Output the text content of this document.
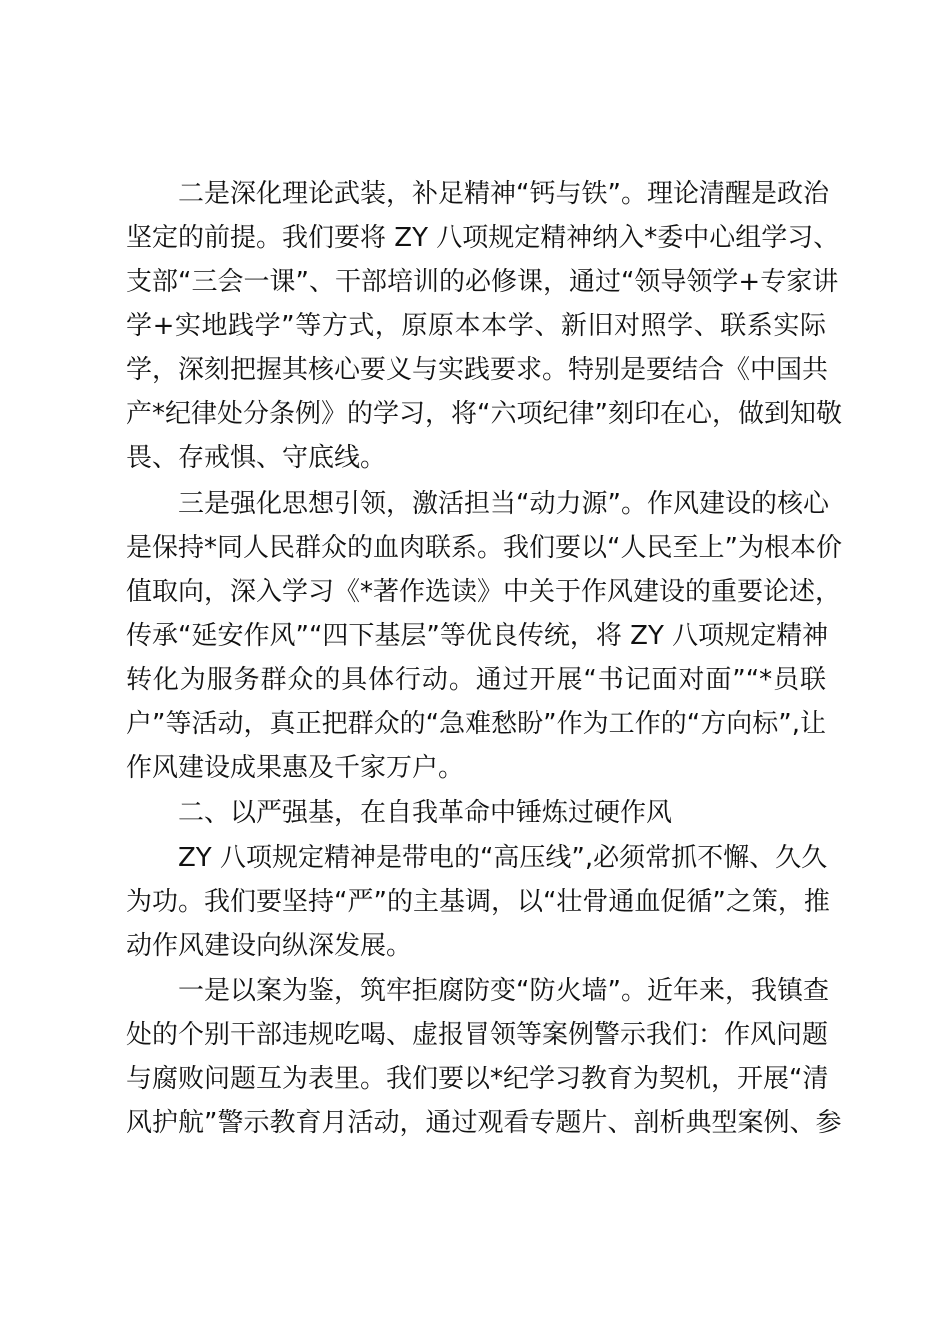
二是深化理论武装，补足精神“钙与铁”。理论清醒是政治
坚定的前提。我们要将 ZY 八项规定精神纳入*委中心组学习、
支部“三会一课”、干部培训的必修课，通过“领导领学+专家讲
学+实地践学”等方式，原原本本学、新旧对照学、联系实际
学，深刻把握其核心要义与实践要求。特别是要结合《中国共
产*纪律处分条例》的学习，将“六项纪律”刻印在心，做到知敬
畏、存戒惧、守底线。
三是强化思想引领，激活担当“动力源”。作风建设的核心
是保持*同人民群众的血肉联系。我们要以“人民至上”为根本价
值取向，深入学习《*著作选读》中关于作风建设的重要论述，
传承“延安作风”“四下基层”等优良传统，将 ZY 八项规定精神
转化为服务群众的具体行动。通过开展“书记面对面”“*员联
户”等活动，真正把群众的“急难愁盼”作为工作的“方向标”,让
作风建设成果惠及千家万户。
二、以严强基，在自我革命中锤炼过硬作风
ZY 八项规定精神是带电的“高压线”,必须常抓不懈、久久
为功。我们要坚持“严”的主基调，以“壮骨通血促循”之策，推
动作风建设向纵深发展。
一是以案为鉴，筑牢拒腐防变“防火墙”。近年来，我镇查
处的个别干部违规吃喝、虚报冒领等案例警示我们：作风问题
与腐败问题互为表里。我们要以*纪学习教育为契机，开展“清
风护航”警示教育月活动，通过观看专题片、剖析典型案例、参
